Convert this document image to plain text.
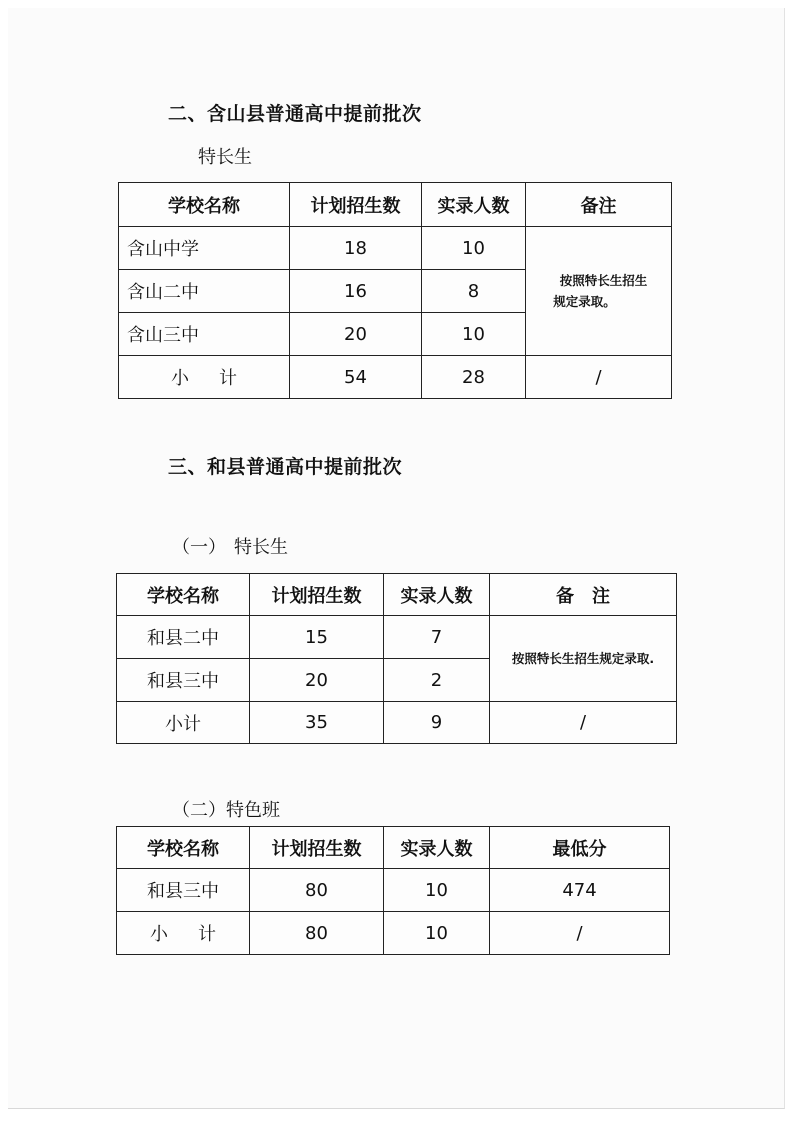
二、含山县普通高中提前批次
特长生
学校名称	计划招生数	实录人数	备注
含山中学	18	10	按照特长生招生
规定录取。
含山二中	16	8	
含山三中	20	10	
小 计	54	28	/
三、和县普通高中提前批次
（一） 特长生
学校名称	计划招生数	实录人数	备　注
和县二中	15	7	按照特长生招生规定录取.
和县三中	20	2	
小计	35	9	/
（二）特色班
学校名称	计划招生数	实录人数	最低分
和县三中	80	10	474
小 计	80	10	/
